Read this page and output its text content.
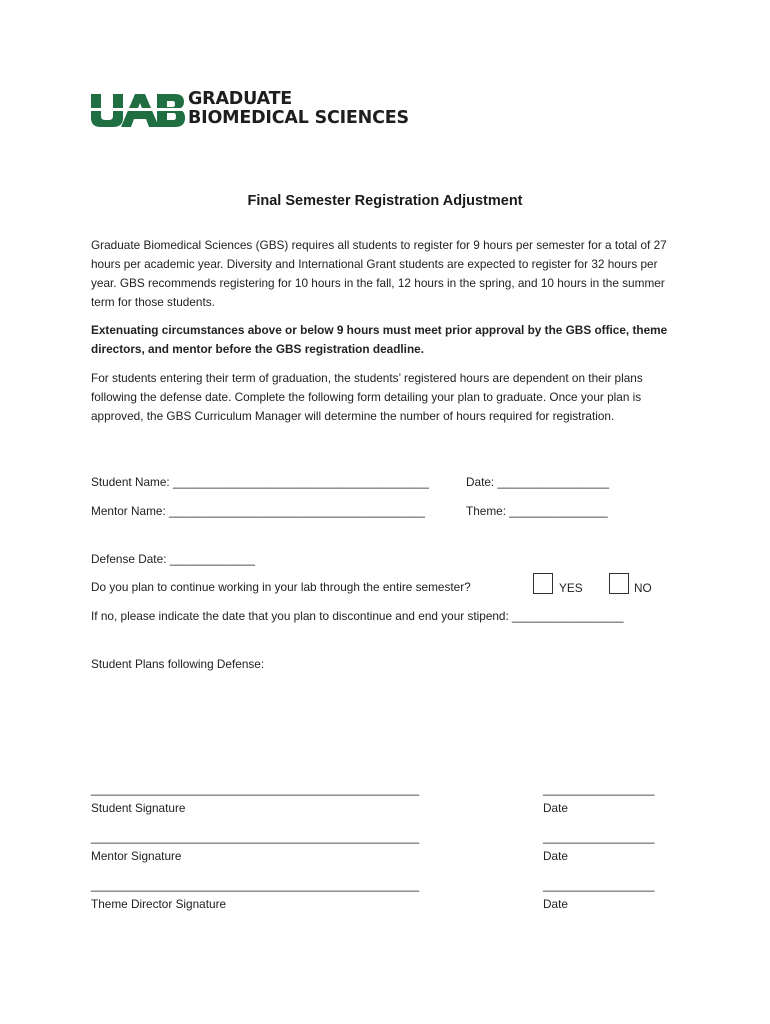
GRADUATE
BIOMEDICAL SCIENCES
Final Semester Registration Adjustment

Graduate Biomedical Sciences (GBS) requires all students to register for 9 hours per semester for a total of 27 hours per academic year. Diversity and International Grant students are expected to register for 32 hours per year. GBS recommends registering for 10 hours in the fall, 12 hours in the spring, and 10 hours in the summer term for those students.

Extenuating circumstances above or below 9 hours must meet prior approval by the GBS office, theme directors, and mentor before the GBS registration deadline.

For students entering their term of graduation, the students’ registered hours are dependent on their plans following the defense date. Complete the following form detailing your plan to graduate. Once your plan is approved, the GBS Curriculum Manager will determine the number of hours required for registration.

Student Name: _______________________________________	Date: _________________
Mentor Name: _______________________________________	Theme: _______________
Defense Date: _____________
Do you plan to continue working in your lab through the entire semester?	YES	NO
If no, please indicate the date that you plan to discontinue and end your stipend: _________________
Student Plans following Defense:
__________________________________________________
Student Signature
_________________
Date
__________________________________________________
Mentor Signature
_________________
Date
__________________________________________________
Theme Director Signature
_________________
Date
